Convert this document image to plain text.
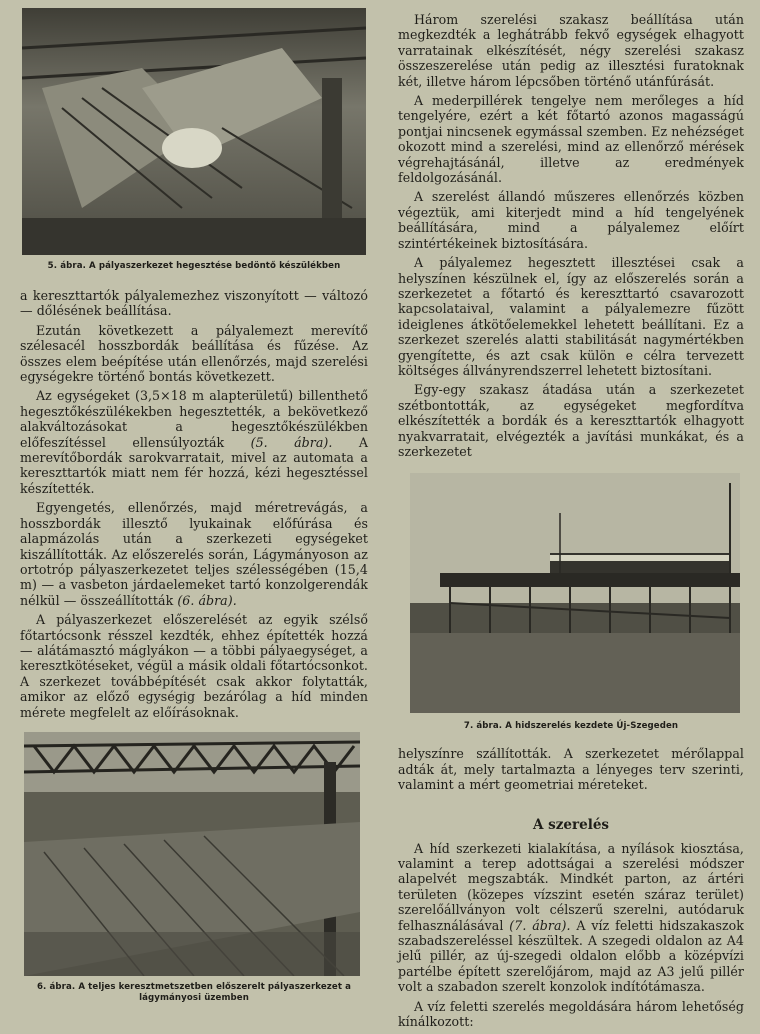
5. ábra. A pályaszerkezet hegesztése bedöntő készülékben

a kereszttartók pályalemezhez viszonyított — változó — dőlésének beállítása.

Ezután következett a pályalemezt merevítő szélesacél hosszbordák beállítása és fűzése. Az összes elem beépítése után ellenőrzés, majd szerelési egységekre történő bontás következett.

Az egységeket (3,5×18 m alapterületű) billenthető hegesztőkészülékekben hegesztették, a bekövetkező alakváltozásokat a hegesztőkészülékben előfeszítéssel ellensúlyozták (5. ábra). A merevítőbordák sarokvarratait, mivel az automata a kereszttartók miatt nem fér hozzá, kézi hegesztéssel készítették.

Egyengetés, ellenőrzés, majd méretrevágás, a hosszbordák illesztő lyukainak előfúrása és alapmázolás után a szerkezeti egységeket kiszállították. Az előszerelés során, Lágymányoson az ortotróp pályaszerkezetet teljes szélességében (15,4 m) — a vasbeton járdaelemeket tartó konzolgerendák nélkül — összeállították (6. ábra).

A pályaszerkezet előszerelését az egyik szélső főtartócsonk résszel kezdték, ehhez építették hozzá — alátámasztó máglyákon — a többi pályaegységet, a keresztkötéseket, végül a másik oldali főtartócsonkot. A szerkezet továbbépítését csak akkor folytatták, amikor az előző egységig bezárólag a híd minden mérete megfelelt az előírásoknak.

6. ábra. A teljes keresztmetszetben előszerelt pályaszerkezet a lágymányosi üzemben

Három szerelési szakasz beállítása után megkezdték a leghátrább fekvő egységek elhagyott varratainak elkészítését, négy szerelési szakasz összeszerelése után pedig az illesztési furatoknak két, illetve három lépcsőben történő utánfúrását.

A mederpillérek tengelye nem merőleges a híd tengelyére, ezért a két főtartó azonos magasságú pontjai nincsenek egymással szemben. Ez nehézséget okozott mind a szerelési, mind az ellenőrző mérések végrehajtásánál, illetve az eredmények feldolgozásánál.

A szerelést állandó műszeres ellenőrzés közben végeztük, ami kiterjedt mind a híd tengelyének beállítására, mind a pályalemez előírt szintértékeinek biztosítására.

A pályalemez hegesztett illesztései csak a helyszínen készülnek el, így az előszerelés során a szerkezetet a főtartó és kereszttartó csavarozott kapcsolataival, valamint a pályalemezre fűzött ideiglenes átkötőelemekkel lehetett beállítani. Ez a szerkezet szerelés alatti stabilitását nagymértékben gyengítette, és azt csak külön e célra tervezett költséges állványrendszerrel lehetett biztosítani.

Egy-egy szakasz átadása után a szerkezetet szétbontották, az egységeket megfordítva elkészítették a bordák és a kereszttartók elhagyott nyakvarratait, elvégezték a javítási munkákat, és a szerkezetet

7. ábra. A hidszerelés kezdete Új-Szegeden

helyszínre szállították. A szerkezetet mérőlappal adták át, mely tartalmazta a lényeges terv szerinti, valamint a mért geometriai méreteket.

A szerelés

A híd szerkezeti kialakítása, a nyílások kiosztása, valamint a terep adottságai a szerelési módszer alapelvét megszabták. Mindkét parton, az ártéri területen (közepes vízszint esetén száraz terület) szerelőállványon volt célszerű szerelni, autódaruk felhasználásával (7. ábra). A víz feletti hidszakaszok szabadszereléssel készültek. A szegedi oldalon az A4 jelű pillér, az új-szegedi oldalon előbb a középvízi partélbe épített szerelőjárom, majd az A3 jelű pillér volt a szabadon szerelt konzolok indítótámasza.

A víz feletti szerelés megoldására három lehetőség kínálkozott:
